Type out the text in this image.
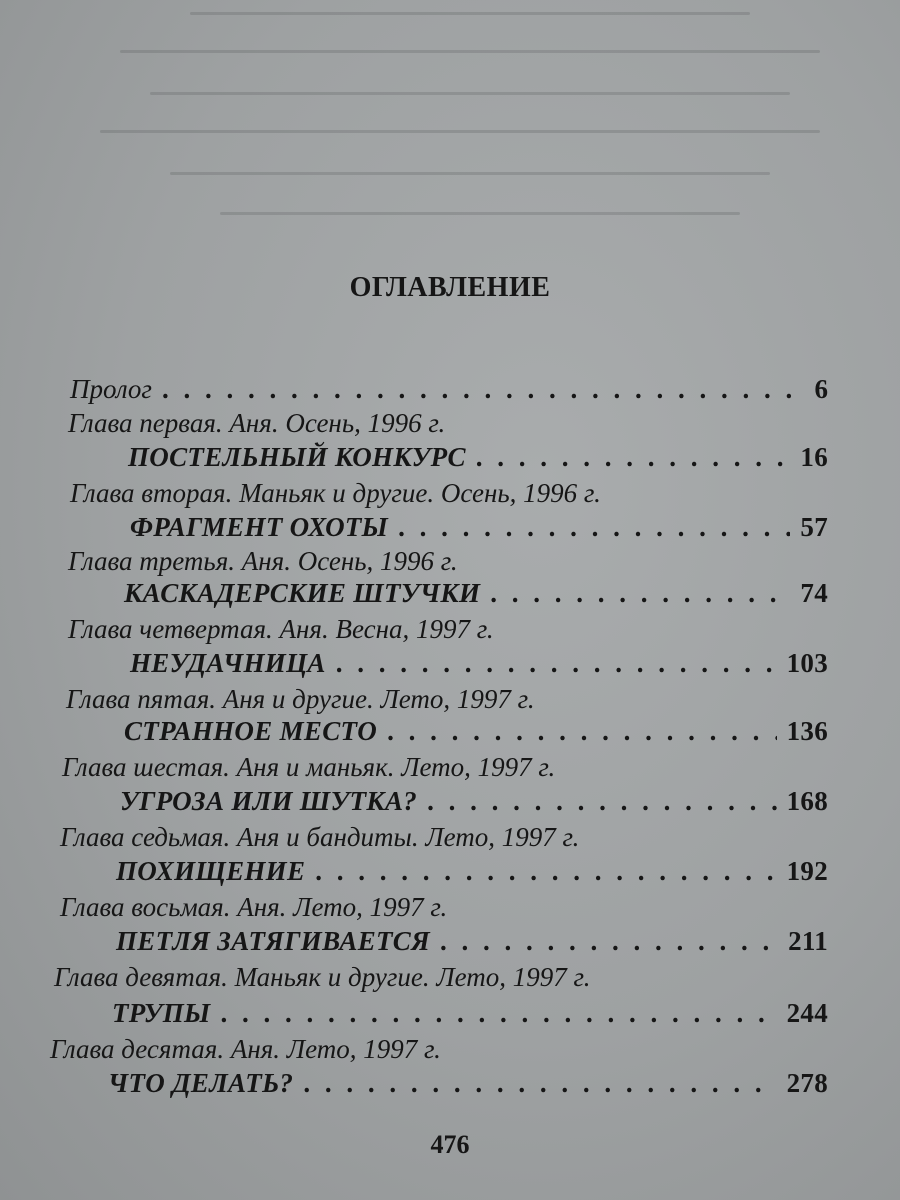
ОГЛАВЛЕНИЕ
Пролог . . .	6
Глава первая. Аня. Осень, 1996 г.
ПОСТЕЛЬНЫЙ КОНКУРС . . .	16
Глава вторая. Маньяк и другие. Осень, 1996 г.
ФРАГМЕНТ ОХОТЫ . . .	57
Глава третья. Аня. Осень, 1996 г.
КАСКАДЕРСКИЕ ШТУЧКИ . . .	74
Глава четвертая. Аня. Весна, 1997 г.
НЕУДАЧНИЦА . . .	103
Глава пятая. Аня и другие. Лето, 1997 г.
СТРАННОЕ МЕСТО . . .	136
Глава шестая. Аня и маньяк. Лето, 1997 г.
УГРОЗА ИЛИ ШУТКА? . . .	168
Глава седьмая. Аня и бандиты. Лето, 1997 г.
ПОХИЩЕНИЕ . . .	192
Глава восьмая. Аня. Лето, 1997 г.
ПЕТЛЯ ЗАТЯГИВАЕТСЯ . . .	211
Глава девятая. Маньяк и другие. Лето, 1997 г.
ТРУПЫ . . .	244
Глава десятая. Аня. Лето, 1997 г.
ЧТО ДЕЛАТЬ? . . .	278
476
